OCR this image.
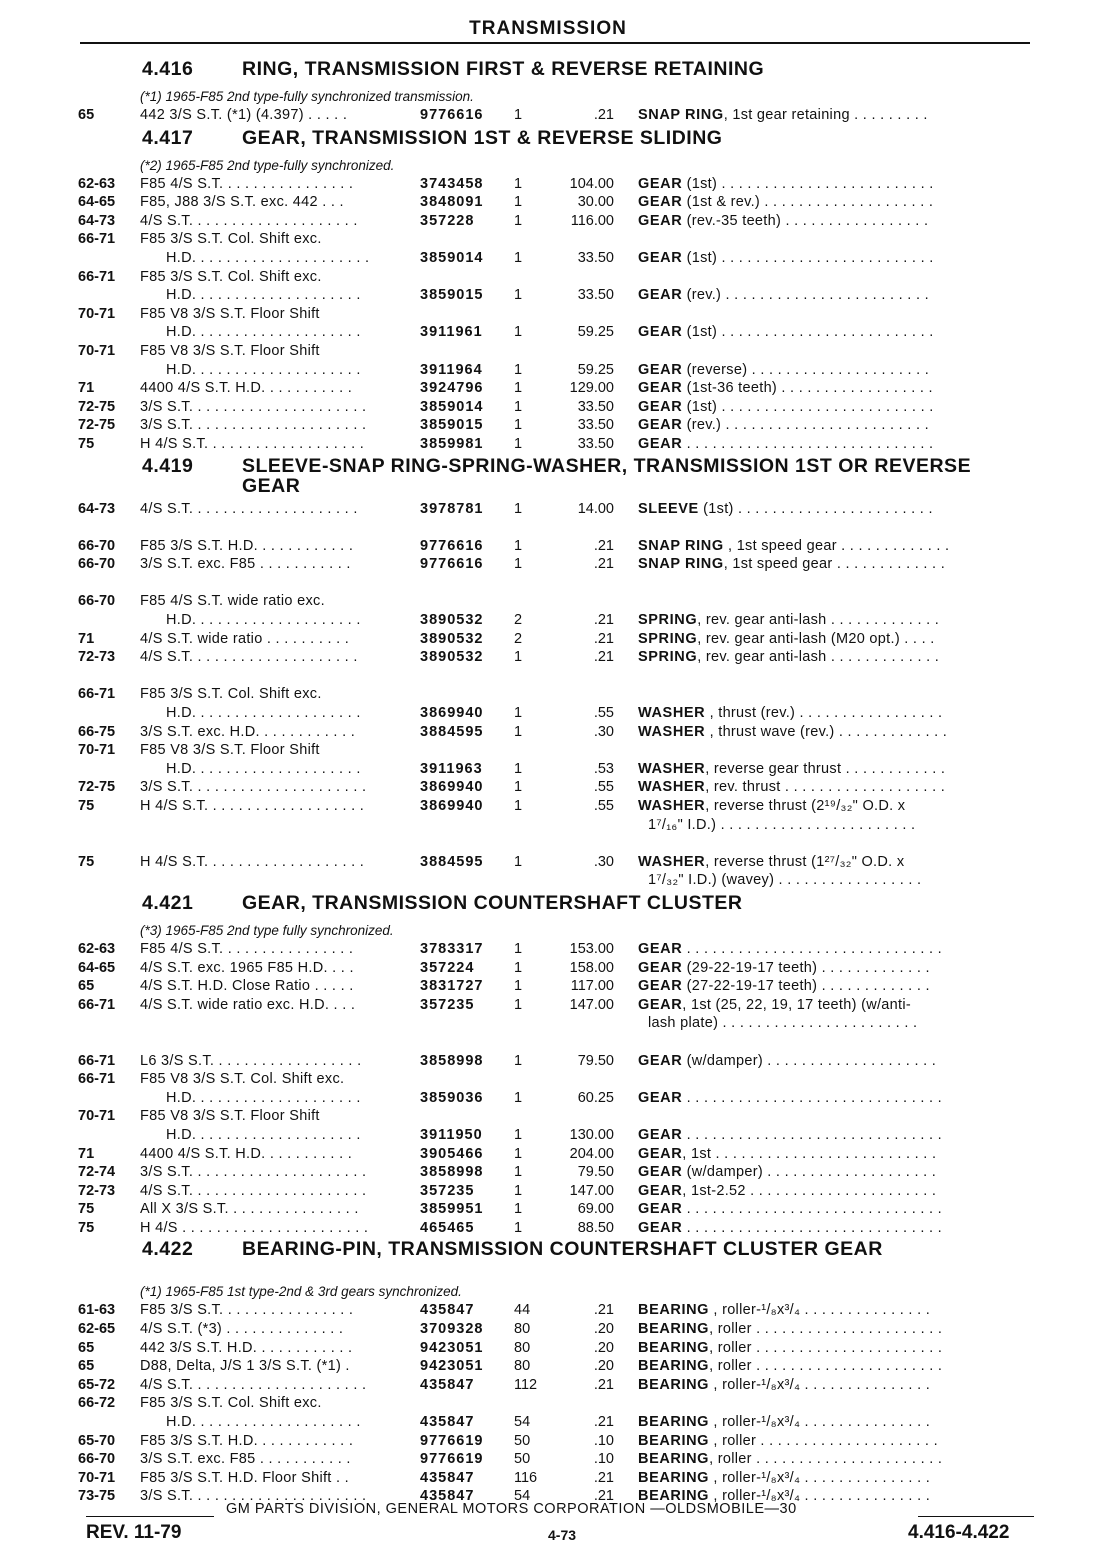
TRANSMISSION
4.416	RING, TRANSMISSION FIRST & REVERSE RETAINING
(*1) 1965-F85 2nd type-fully synchronized transmission.
65	442 3/S S.T. (*1) (4.397) . . . . .	9776616	1	.21	SNAP RING, 1st gear retaining . . . . . . . . .
4.417	GEAR, TRANSMISSION 1ST & REVERSE SLIDING
(*2) 1965-F85 2nd type-fully synchronized.
62-63	F85 4/S S.T. . . . . . . . . . . . . . . .	3743458	1	104.00	GEAR (1st) . . . . . . . . . . . . . . . . . . . . . . . . .
64-65	F85, J88 3/S S.T. exc. 442 . . .	3848091	1	30.00	GEAR (1st & rev.) . . . . . . . . . . . . . . . . . . . .
64-73	4/S S.T. . . . . . . . . . . . . . . . . . . .	357228	1	116.00	GEAR (rev.-35 teeth) . . . . . . . . . . . . . . . . .
66-71	F85 3/S S.T. Col. Shift exc.
H.D. . . . . . . . . . . . . . . . . . . . .	3859014	1	33.50	GEAR (1st) . . . . . . . . . . . . . . . . . . . . . . . . .
66-71	F85 3/S S.T. Col. Shift exc.
H.D. . . . . . . . . . . . . . . . . . . .	3859015	1	33.50	GEAR (rev.) . . . . . . . . . . . . . . . . . . . . . . . .
70-71	F85 V8 3/S S.T. Floor Shift
H.D. . . . . . . . . . . . . . . . . . . .	3911961	1	59.25	GEAR (1st) . . . . . . . . . . . . . . . . . . . . . . . . .
70-71	F85 V8 3/S S.T. Floor Shift
H.D. . . . . . . . . . . . . . . . . . . .	3911964	1	59.25	GEAR (reverse) . . . . . . . . . . . . . . . . . . . . .
71	4400 4/S S.T. H.D. . . . . . . . . . .	3924796	1	129.00	GEAR (1st-36 teeth) . . . . . . . . . . . . . . . . . .
72-75	3/S S.T. . . . . . . . . . . . . . . . . . . . .	3859014	1	33.50	GEAR (1st) . . . . . . . . . . . . . . . . . . . . . . . . .
72-75	3/S S.T. . . . . . . . . . . . . . . . . . . . .	3859015	1	33.50	GEAR (rev.) . . . . . . . . . . . . . . . . . . . . . . . .
75	H 4/S S.T. . . . . . . . . . . . . . . . . . .	3859981	1	33.50	GEAR . . . . . . . . . . . . . . . . . . . . . . . . . . . . .
4.419	SLEEVE-SNAP RING-SPRING-WASHER, TRANSMISSION 1ST OR REVERSE GEAR
64-73	4/S S.T. . . . . . . . . . . . . . . . . . . .	3978781	1	14.00	SLEEVE (1st) . . . . . . . . . . . . . . . . . . . . . . .
66-70	F85 3/S S.T. H.D. . . . . . . . . . . .	9776616	1	.21	SNAP RING , 1st speed gear . . . . . . . . . . . . .
66-70	3/S S.T. exc. F85 . . . . . . . . . . .	9776616	1	.21	SNAP RING, 1st speed gear . . . . . . . . . . . . .
66-70	F85 4/S S.T. wide ratio exc.
H.D. . . . . . . . . . . . . . . . . . . .	3890532	2	.21	SPRING, rev. gear anti-lash . . . . . . . . . . . . .
71	4/S S.T. wide ratio . . . . . . . . . .	3890532	2	.21	SPRING, rev. gear anti-lash (M20 opt.) . . . .
72-73	4/S S.T. . . . . . . . . . . . . . . . . . . .	3890532	1	.21	SPRING, rev. gear anti-lash . . . . . . . . . . . . .
66-71	F85 3/S S.T. Col. Shift exc.
H.D. . . . . . . . . . . . . . . . . . . .	3869940	1	.55	WASHER , thrust (rev.) . . . . . . . . . . . . . . . . .
66-75	3/S S.T. exc. H.D. . . . . . . . . . . .	3884595	1	.30	WASHER , thrust wave (rev.) . . . . . . . . . . . . .
70-71	F85 V8 3/S S.T. Floor Shift
H.D. . . . . . . . . . . . . . . . . . . .	3911963	1	.53	WASHER, reverse gear thrust . . . . . . . . . . . .
72-75	3/S S.T. . . . . . . . . . . . . . . . . . . . .	3869940	1	.55	WASHER, rev. thrust . . . . . . . . . . . . . . . . . . .
75	H 4/S S.T. . . . . . . . . . . . . . . . . . .	3869940	1	.55	WASHER, reverse thrust (2¹⁹/₃₂" O.D. x
1⁷/₁₆" I.D.) . . . . . . . . . . . . . . . . . . . . . . .
75	H 4/S S.T. . . . . . . . . . . . . . . . . . .	3884595	1	.30	WASHER, reverse thrust (1²⁷/₃₂" O.D. x
1⁷/₃₂" I.D.) (wavey) . . . . . . . . . . . . . . . . .
4.421	GEAR, TRANSMISSION COUNTERSHAFT CLUSTER
(*3) 1965-F85 2nd type fully synchronized.
62-63	F85 4/S S.T. . . . . . . . . . . . . . . .	3783317	1	153.00	GEAR . . . . . . . . . . . . . . . . . . . . . . . . . . . . . .
64-65	4/S S.T. exc. 1965 F85 H.D. . . .	357224	1	158.00	GEAR (29-22-19-17 teeth) . . . . . . . . . . . . .
65	4/S S.T. H.D. Close Ratio . . . . .	3831727	1	117.00	GEAR (27-22-19-17 teeth) . . . . . . . . . . . . .
66-71	4/S S.T. wide ratio exc. H.D. . . .	357235	1	147.00	GEAR, 1st (25, 22, 19, 17 teeth) (w/anti-
lash plate) . . . . . . . . . . . . . . . . . . . . . . .
66-71	L6 3/S S.T. . . . . . . . . . . . . . . . . .	3858998	1	79.50	GEAR (w/damper) . . . . . . . . . . . . . . . . . . . .
66-71	F85 V8 3/S S.T. Col. Shift exc.
H.D. . . . . . . . . . . . . . . . . . . .	3859036	1	60.25	GEAR . . . . . . . . . . . . . . . . . . . . . . . . . . . . . .
70-71	F85 V8 3/S S.T. Floor Shift
H.D. . . . . . . . . . . . . . . . . . . .	3911950	1	130.00	GEAR . . . . . . . . . . . . . . . . . . . . . . . . . . . . . .
71	4400 4/S S.T. H.D. . . . . . . . . . .	3905466	1	204.00	GEAR, 1st . . . . . . . . . . . . . . . . . . . . . . . . . .
72-74	3/S S.T. . . . . . . . . . . . . . . . . . . . .	3858998	1	79.50	GEAR (w/damper) . . . . . . . . . . . . . . . . . . . .
72-73	4/S S.T. . . . . . . . . . . . . . . . . . . . .	357235	1	147.00	GEAR, 1st-2.52 . . . . . . . . . . . . . . . . . . . . . .
75	All X 3/S S.T. . . . . . . . . . . . . . . .	3859951	1	69.00	GEAR . . . . . . . . . . . . . . . . . . . . . . . . . . . . . .
75	H 4/S . . . . . . . . . . . . . . . . . . . . . .	465465	1	88.50	GEAR . . . . . . . . . . . . . . . . . . . . . . . . . . . . . .
4.422	BEARING-PIN, TRANSMISSION COUNTERSHAFT CLUSTER GEAR
(*1) 1965-F85 1st type-2nd & 3rd gears synchronized.
61-63	F85 3/S S.T. . . . . . . . . . . . . . . .	435847	44	.21	BEARING , roller-¹/₈x³/₄ . . . . . . . . . . . . . . .
62-65	4/S S.T. (*3) . . . . . . . . . . . . . .	3709328	80	.20	BEARING, roller . . . . . . . . . . . . . . . . . . . . . .
65	442 3/S S.T. H.D. . . . . . . . . . . .	9423051	80	.20	BEARING, roller . . . . . . . . . . . . . . . . . . . . . .
65	D88, Delta, J/S 1 3/S S.T. (*1) .	9423051	80	.20	BEARING, roller . . . . . . . . . . . . . . . . . . . . . .
65-72	4/S S.T. . . . . . . . . . . . . . . . . . . . .	435847	112	.21	BEARING , roller-¹/₈x³/₄ . . . . . . . . . . . . . . .
66-72	F85 3/S S.T. Col. Shift exc.
H.D. . . . . . . . . . . . . . . . . . . .	435847	54	.21	BEARING , roller-¹/₈x³/₄ . . . . . . . . . . . . . . .
65-70	F85 3/S S.T. H.D. . . . . . . . . . . .	9776619	50	.10	BEARING , roller . . . . . . . . . . . . . . . . . . . . .
66-70	3/S S.T. exc. F85 . . . . . . . . . . .	9776619	50	.10	BEARING, roller . . . . . . . . . . . . . . . . . . . . . .
70-71	F85 3/S S.T. H.D. Floor Shift . .	435847	116	.21	BEARING , roller-¹/₈x³/₄ . . . . . . . . . . . . . . .
73-75	3/S S.T. . . . . . . . . . . . . . . . . . . . .	435847	54	.21	BEARING , roller-¹/₈x³/₄ . . . . . . . . . . . . . . .
GM PARTS DIVISION, GENERAL MOTORS CORPORATION —OLDSMOBILE—30
REV. 11-79	4-73	4.416-4.422
